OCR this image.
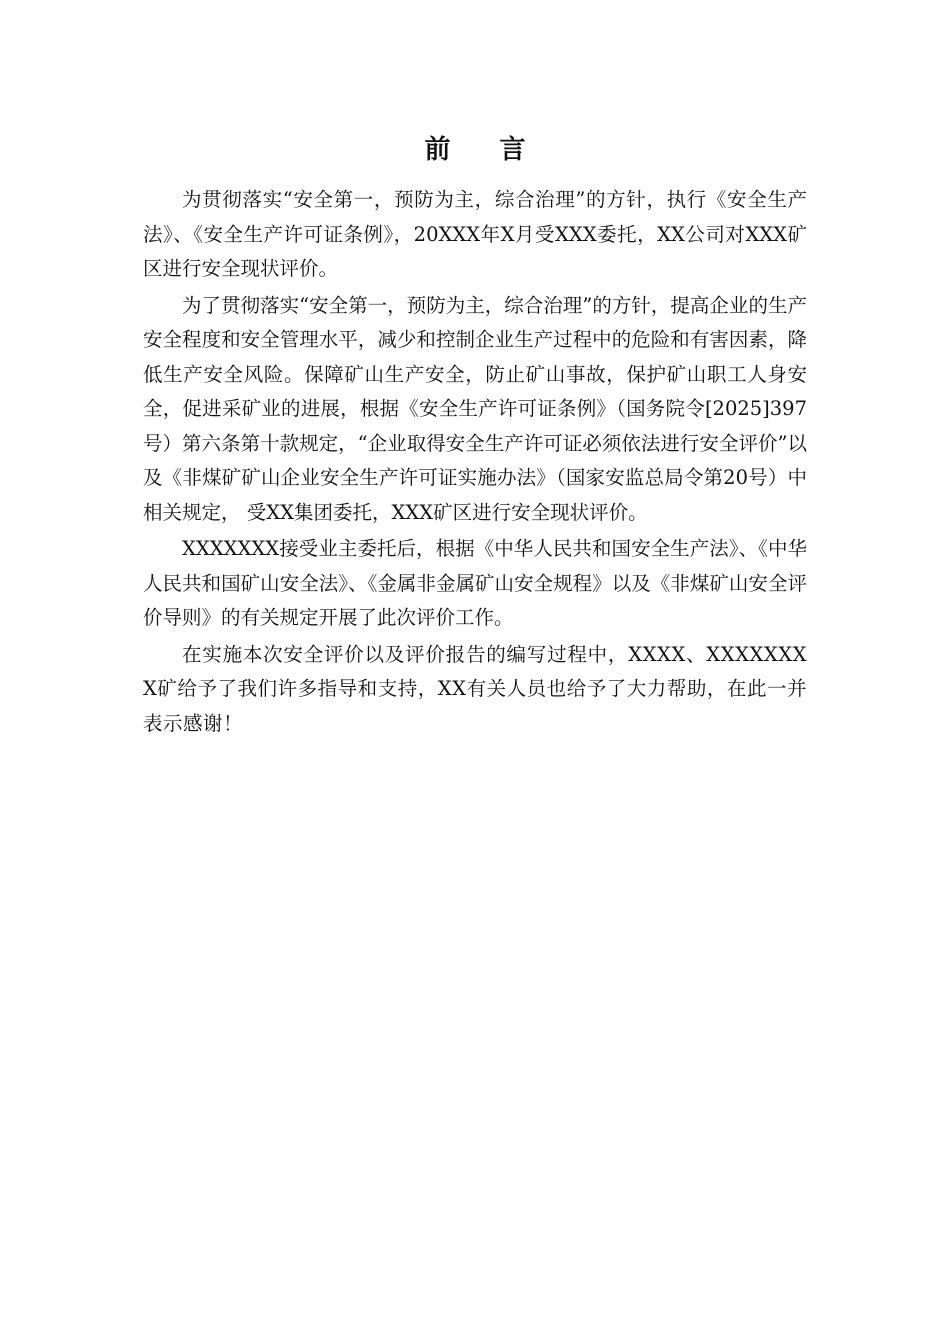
前 言

为贯彻落实“安全第一，预防为主，综合治理”的方针，执行《安全生产法》、《安全生产许可证条例》，20XXX年X月受XXX委托，XX公司对XXX矿区进行安全现状评价。

为了贯彻落实“安全第一，预防为主，综合治理”的方针，提高企业的生产安全程度和安全管理水平，减少和控制企业生产过程中的危险和有害因素，降低生产安全风险。保障矿山生产安全，防止矿山事故，保护矿山职工人身安全，促进采矿业的进展，根据《安全生产许可证条例》（国务院令[2025]397号）第六条第十款规定，“企业取得安全生产许可证必须依法进行安全评价”以及《非煤矿矿山企业安全生产许可证实施办法》（国家安监总局令第20号）中相关规定， 受XX集团委托，XXX矿区进行安全现状评价。

XXXXXXX接受业主委托后，根据《中华人民共和国安全生产法》、《中华人民共和国矿山安全法》、《金属非金属矿山安全规程》以及《非煤矿山安全评价导则》的有关规定开展了此次评价工作。

在实施本次安全评价以及评价报告的编写过程中，XXXX、XXXXXXXX矿给予了我们许多指导和支持，XX有关人员也给予了大力帮助，在此一并表示感谢！
